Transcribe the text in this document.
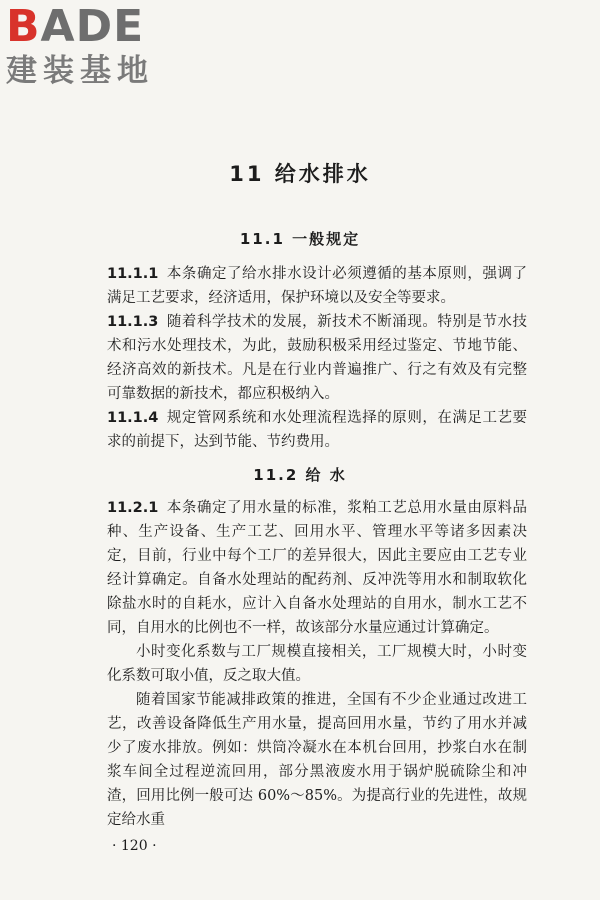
BADE
建装基地
11 给水排水
11.1 一般规定
11.1.1 本条确定了给水排水设计必须遵循的基本原则，强调了满足工艺要求，经济适用，保护环境以及安全等要求。
11.1.3 随着科学技术的发展，新技术不断涌现。特别是节水技术和污水处理技术，为此，鼓励积极采用经过鉴定、节地节能、经济高效的新技术。凡是在行业内普遍推广、行之有效及有完整可靠数据的新技术，都应积极纳入。
11.1.4 规定管网系统和水处理流程选择的原则，在满足工艺要求的前提下，达到节能、节约费用。
11.2 给 水
11.2.1 本条确定了用水量的标准，浆粕工艺总用水量由原料品种、生产设备、生产工艺、回用水平、管理水平等诸多因素决定，目前，行业中每个工厂的差异很大，因此主要应由工艺专业经计算确定。自备水处理站的配药剂、反冲洗等用水和制取软化除盐水时的自耗水，应计入自备水处理站的自用水，制水工艺不同，自用水的比例也不一样，故该部分水量应通过计算确定。
小时变化系数与工厂规模直接相关，工厂规模大时，小时变化系数可取小值，反之取大值。
随着国家节能减排政策的推进，全国有不少企业通过改进工艺，改善设备降低生产用水量，提高回用水量，节约了用水并减少了废水排放。例如：烘筒冷凝水在本机台回用，抄浆白水在制浆车间全过程逆流回用，部分黑液废水用于锅炉脱硫除尘和冲渣，回用比例一般可达 60%～85%。为提高行业的先进性，故规定给水重
· 120 ·
